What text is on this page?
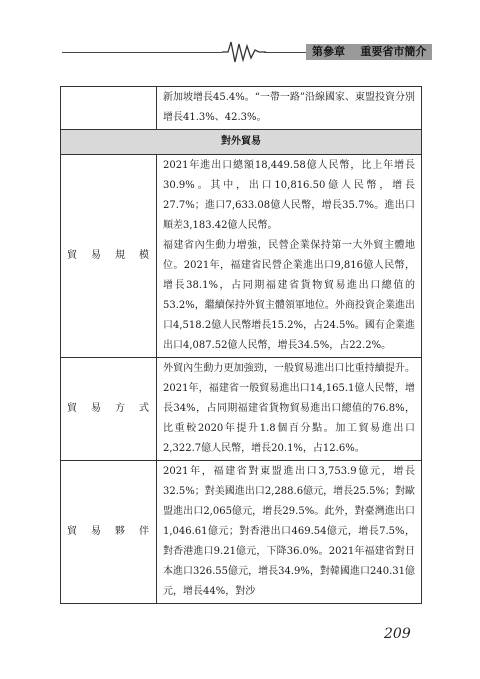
第參章 重要省市簡介
	新加坡增長45.4%。“一帶一路”沿線國家、東盟投資分別增長41.3%、42.3%。
對外貿易	
貿易規模	2021年進出口總額18,449.58億人民幣，比上年增長30.9%。其中，出口10,816.50億人民幣，增長27.7%；進口7,633.08億人民幣，增長35.7%。進出口順差3,183.42億人民幣。
福建省內生動力增強，民營企業保持第一大外貿主體地位。2021年，福建省民營企業進出口9,816億人民幣，增長38.1%，占同期福建省貨物貿易進出口總值的53.2%，繼續保持外貿主體領軍地位。外商投資企業進出口4,518.2億人民幣增長15.2%，占24.5%。國有企業進出口4,087.52億人民幣，增長34.5%，占22.2%。

貿易方式	外貿內生動力更加強勁，一般貿易進出口比重持續提升。2021年，福建省一般貿易進出口14,165.1億人民幣，增長34%，占同期福建省貨物貿易進出口總值的76.8%，比重較2020年提升1.8個百分點。加工貿易進出口2,322.7億人民幣，增長20.1%，占12.6%。

貿易夥伴	2021年，福建省對東盟進出口3,753.9億元，增長32.5%；對美國進出口2,288.6億元，增長25.5%；對歐盟進出口2,065億元，增長29.5%。此外，對臺灣進出口1,046.61億元；對香港出口469.54億元，增長7.5%，對香港進口9.21億元，下降36.0%。2021年福建省對日本進口326.55億元，增長34.9%，對韓國進口240.31億元，增長44%，對沙
209
